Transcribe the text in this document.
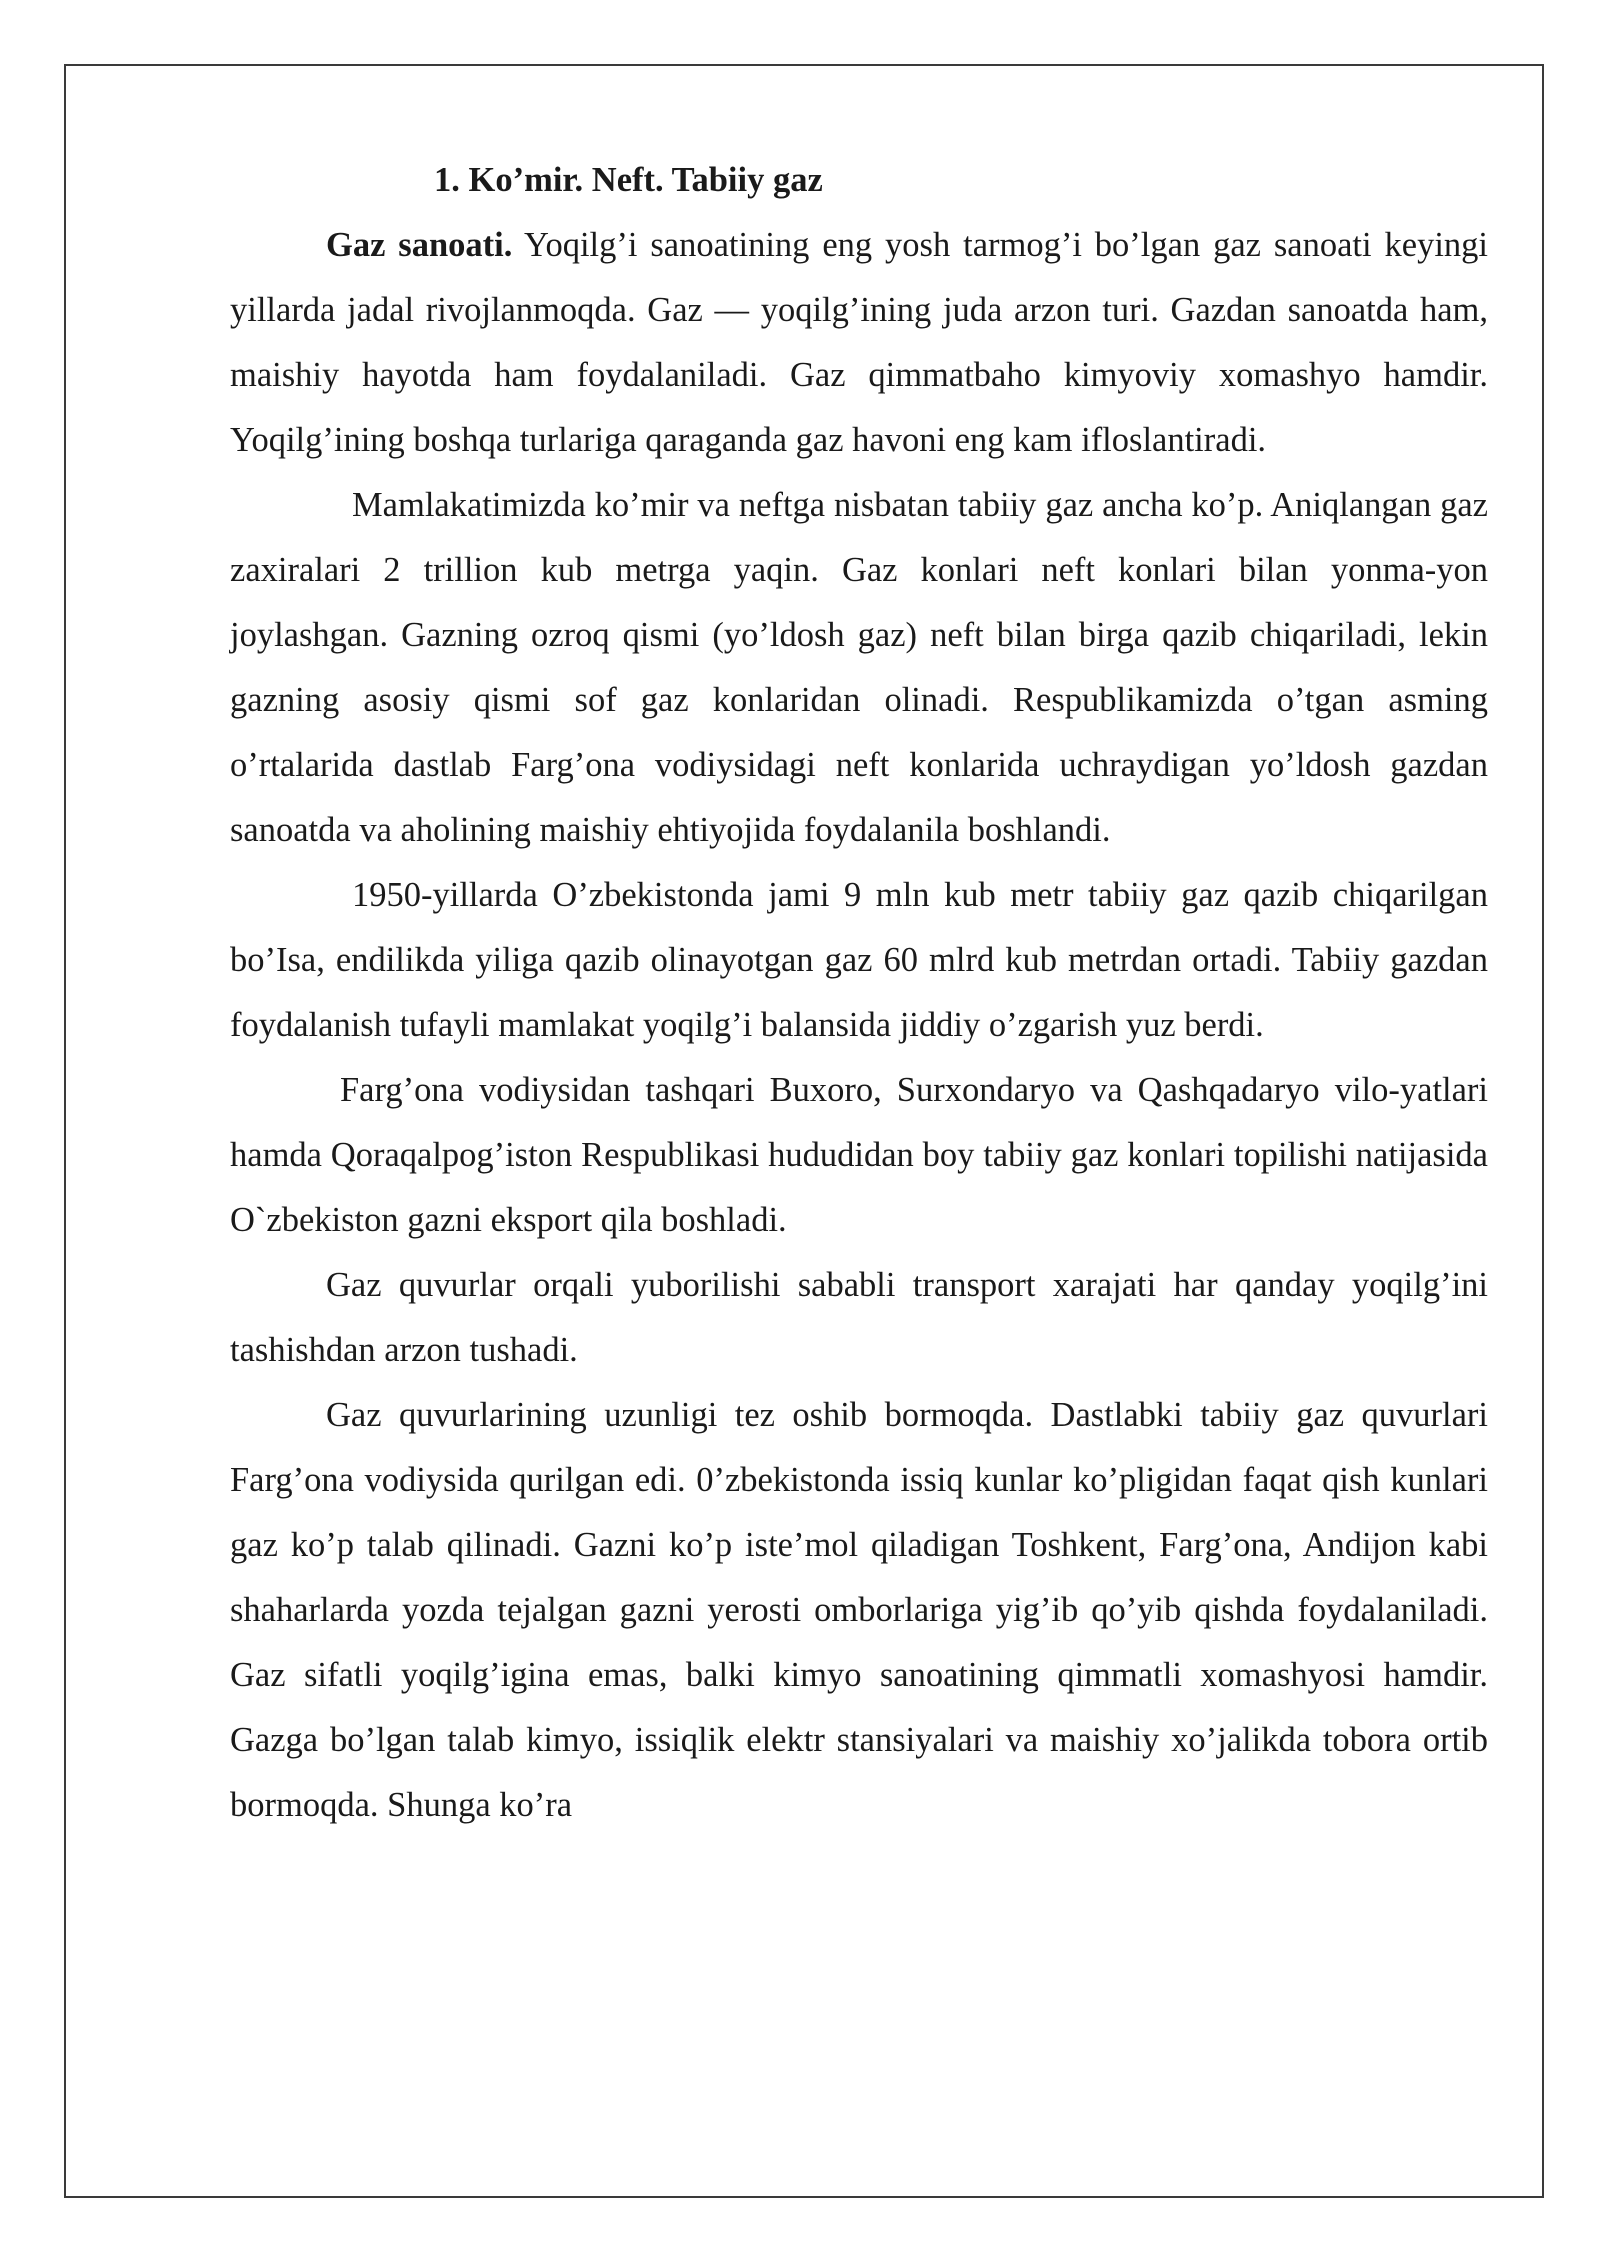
1. Ko’mir. Neft. Tabiiy gaz

Gaz sanoati. Yoqilg’i sanoatining eng yosh tarmog’i bo’lgan gaz sanoati keyingi yillarda jadal rivojlanmoqda. Gaz — yoqilg’ining juda arzon turi. Gazdan sanoatda ham, maishiy hayotda ham foydalaniladi. Gaz qimmatbaho kimyoviy xomashyo hamdir. Yoqilg’ining boshqa turlariga qaraganda gaz havoni eng kam ifloslantiradi.

Mamlakatimizda ko’mir va neftga nisbatan tabiiy gaz ancha ko’p. Aniqlangan gaz zaxiralari 2 trillion kub metrga yaqin. Gaz konlari neft konlari bilan yonma-yon joylashgan. Gazning ozroq qismi (yo’ldosh gaz) neft bilan birga qazib chiqariladi, lekin gazning asosiy qismi sof gaz konlaridan olinadi. Respublikamizda o’tgan asming o’rtalarida dastlab Farg’ona vodiysidagi neft konlarida uchraydigan yo’ldosh gazdan sanoatda va aholining maishiy ehtiyojida foydalanila boshlandi.

1950-yillarda O’zbekistonda jami 9 mln kub metr tabiiy gaz qazib chiqarilgan bo’Isa, endilikda yiliga qazib olinayotgan gaz 60 mlrd kub metrdan ortadi. Tabiiy gazdan foydalanish tufayli mamlakat yoqilg’i balansida jiddiy o’zgarish yuz berdi.

Farg’ona vodiysidan tashqari Buxoro, Surxondaryo va Qashqadaryo vilo-yatlari hamda Qoraqalpog’iston Respublikasi hududidan boy tabiiy gaz konlari topilishi natijasida O`zbekiston gazni eksport qila boshladi.

Gaz quvurlar orqali yuborilishi sababli transport xarajati har qanday yoqilg’ini tashishdan arzon tushadi.

Gaz quvurlarining uzunligi tez oshib bormoqda. Dastlabki tabiiy gaz quvurlari Farg’ona vodiysida qurilgan edi. 0’zbekistonda issiq kunlar ko’pligidan faqat qish kunlari gaz ko’p talab qilinadi. Gazni ko’p iste’mol qiladigan Toshkent, Farg’ona, Andijon kabi shaharlarda yozda tejalgan gazni yerosti omborlariga yig’ib qo’yib qishda foydalaniladi. Gaz sifatli yoqilg’igina emas, balki kimyo sanoatining qimmatli xomashyosi hamdir. Gazga bo’lgan talab kimyo, issiqlik elektr stansiyalari va maishiy xo’jalikda tobora ortib bormoqda. Shunga ko’ra
